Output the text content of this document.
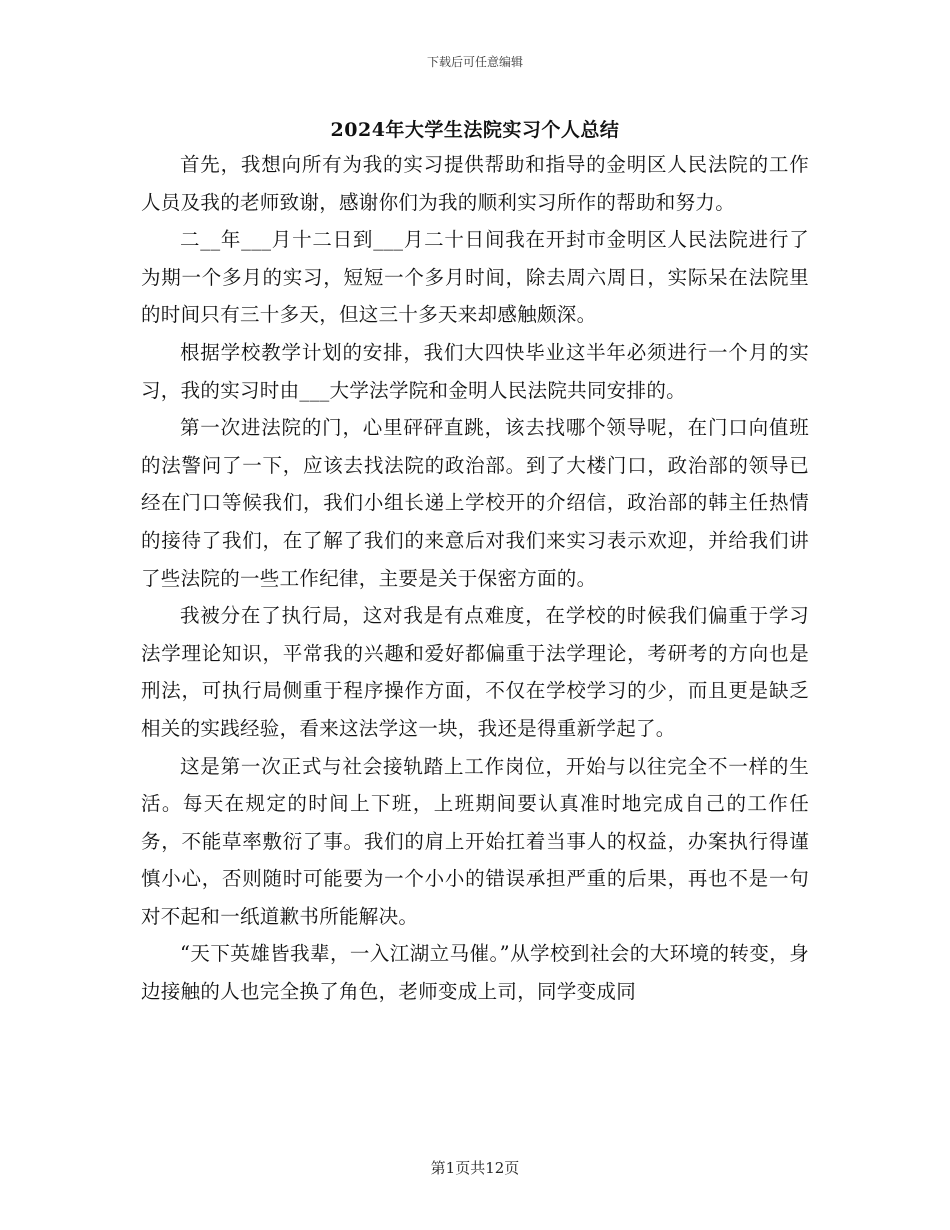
下载后可任意编辑
2024年大学生法院实习个人总结

首先，我想向所有为我的实习提供帮助和指导的金明区人民法院的工作人员及我的老师致谢，感谢你们为我的顺利实习所作的帮助和努力。

二__年___月十二日到___月二十日间我在开封市金明区人民法院进行了为期一个多月的实习，短短一个多月时间，除去周六周日，实际呆在法院里的时间只有三十多天，但这三十多天来却感触颇深。

根据学校教学计划的安排，我们大四快毕业这半年必须进行一个月的实习，我的实习时由___大学法学院和金明人民法院共同安排的。

第一次进法院的门，心里砰砰直跳，该去找哪个领导呢，在门口向值班的法警问了一下，应该去找法院的政治部。到了大楼门口，政治部的领导已经在门口等候我们，我们小组长递上学校开的介绍信，政治部的韩主任热情的接待了我们，在了解了我们的来意后对我们来实习表示欢迎，并给我们讲了些法院的一些工作纪律，主要是关于保密方面的。

我被分在了执行局，这对我是有点难度，在学校的时候我们偏重于学习法学理论知识，平常我的兴趣和爱好都偏重于法学理论，考研考的方向也是刑法，可执行局侧重于程序操作方面，不仅在学校学习的少，而且更是缺乏相关的实践经验，看来这法学这一块，我还是得重新学起了。

这是第一次正式与社会接轨踏上工作岗位，开始与以往完全不一样的生活。每天在规定的时间上下班，上班期间要认真准时地完成自己的工作任务，不能草率敷衍了事。我们的肩上开始扛着当事人的权益，办案执行得谨慎小心，否则随时可能要为一个小小的错误承担严重的后果，再也不是一句对不起和一纸道歉书所能解决。

“天下英雄皆我辈，一入江湖立马催。”从学校到社会的大环境的转变，身边接触的人也完全换了角色，老师变成上司，同学变成同

第1页共12页
